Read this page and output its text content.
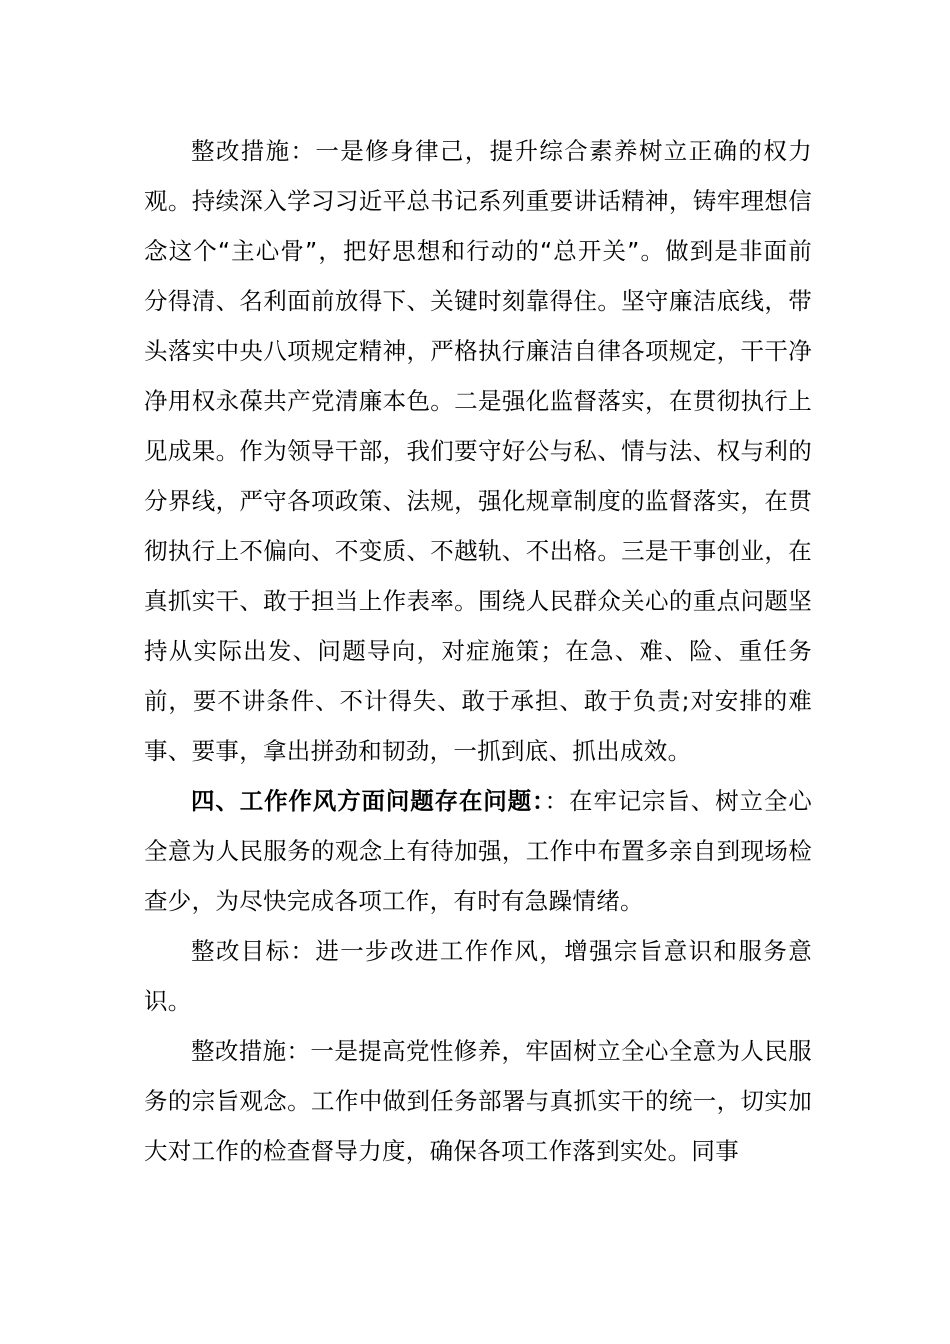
整改措施：一是修身律己，提升综合素养树立正确的权力观。持续深入学习习近平总书记系列重要讲话精神，铸牢理想信念这个“主心骨”，把好思想和行动的“总开关”。做到是非面前分得清、名利面前放得下、关键时刻靠得住。坚守廉洁底线，带头落实中央八项规定精神，严格执行廉洁自律各项规定，干干净净用权永葆共产党清廉本色。二是强化监督落实，在贯彻执行上见成果。作为领导干部，我们要守好公与私、情与法、权与利的分界线，严守各项政策、法规，强化规章制度的监督落实，在贯彻执行上不偏向、不变质、不越轨、不出格。三是干事创业，在真抓实干、敢于担当上作表率。围绕人民群众关心的重点问题坚持从实际出发、问题导向，对症施策；在急、难、险、重任务前，要不讲条件、不计得失、敢于承担、敢于负责;对安排的难事、要事，拿出拼劲和韧劲，一抓到底、抓出成效。

四、工作作风方面问题存在问题：：在牢记宗旨、树立全心全意为人民服务的观念上有待加强，工作中布置多亲自到现场检查少，为尽快完成各项工作，有时有急躁情绪。

整改目标：进一步改进工作作风，增强宗旨意识和服务意识。

整改措施：一是提高党性修养，牢固树立全心全意为人民服务的宗旨观念。工作中做到任务部署与真抓实干的统一，切实加大对工作的检查督导力度，确保各项工作落到实处。同事
